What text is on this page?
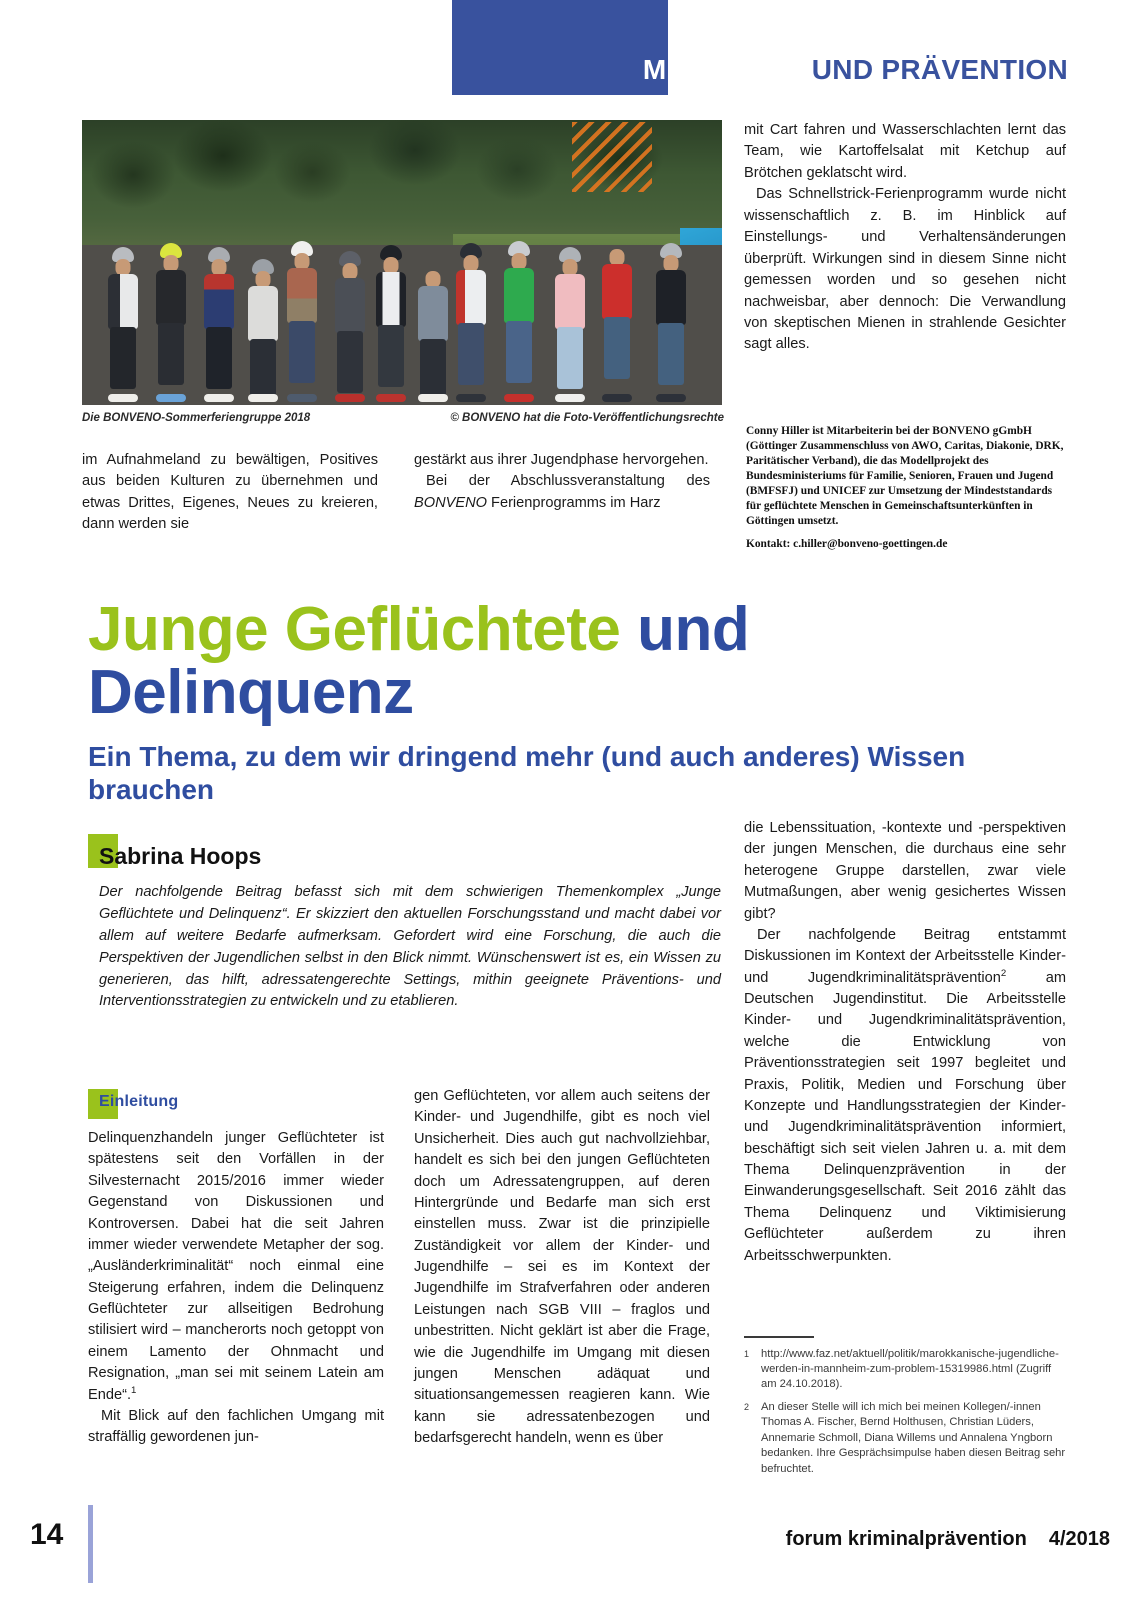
MIGRATION UND PRÄVENTION
Die BONVENO-Sommerferiengruppe 2018	© BONVENO hat die Foto-Veröffentlichungsrechte

mit Cart fahren und Wasserschlachten lernt das Team, wie Kartoffelsalat mit Ketchup auf Brötchen geklatscht wird.

Das Schnellstrick-Ferienprogramm wurde nicht wissenschaftlich z. B. im Hinblick auf Einstellungs- und Verhaltensänderungen überprüft. Wirkungen sind in diesem Sinne nicht gemessen worden und so gesehen nicht nachweisbar, aber dennoch: Die Verwandlung von skeptischen Mienen in strahlende Gesichter sagt alles.

im Aufnahmeland zu bewältigen, Positives aus beiden Kulturen zu übernehmen und etwas Drittes, Eigenes, Neues zu kreieren, dann werden sie

gestärkt aus ihrer Jugendphase hervorgehen.

Bei der Abschlussveranstaltung des BONVENO Ferienprogramms im Harz

Conny Hiller ist Mitarbeiterin bei der BONVENO gGmbH (Göttinger Zusammenschluss von AWO, Caritas, Diakonie, DRK, Paritätischer Verband), die das Modellprojekt des Bundesministeriums für Familie, Senioren, Frauen und Jugend (BMFSFJ) und UNICEF zur Umsetzung der Mindeststandards für geflüchtete Menschen in Gemeinschaftsunterkünften in Göttingen umsetzt.

Kontakt: c.hiller@bonveno-goettingen.de

Junge Geflüchtete und
Delinquenz
Ein Thema, zu dem wir dringend mehr (und auch anderes) Wissen brauchen
Sabrina Hoops

Der nachfolgende Beitrag befasst sich mit dem schwierigen Themenkomplex „Junge Geflüchtete und Delinquenz“. Er skizziert den aktuellen Forschungsstand und macht dabei vor allem auf weitere Bedarfe aufmerksam. Gefordert wird eine Forschung, die auch die Perspektiven der Jugendlichen selbst in den Blick nimmt. Wünschenswert ist es, ein Wissen zu generieren, das hilft, adressatengerechte Settings, mithin geeignete Präventions- und Interventionsstrategien zu entwickeln und zu etablieren.

Einleitung

Delinquenzhandeln junger Geflüchteter ist spätestens seit den Vorfällen in der Silvesternacht 2015/2016 immer wieder Gegenstand von Diskussionen und Kontroversen. Dabei hat die seit Jahren immer wieder verwendete Metapher der sog. „Ausländerkriminalität“ noch einmal eine Steigerung erfahren, indem die Delinquenz Geflüchteter zur allseitigen Bedrohung stilisiert wird – mancherorts noch getoppt von einem Lamento der Ohnmacht und Resignation, „man sei mit seinem Latein am Ende“.$^1$

Mit Blick auf den fachlichen Umgang mit straffällig gewordenen jun-

gen Geflüchteten, vor allem auch seitens der Kinder- und Jugendhilfe, gibt es noch viel Unsicherheit. Dies auch gut nachvollziehbar, handelt es sich bei den jungen Geflüchteten doch um Adressatengruppen, auf deren Hintergründe und Bedarfe man sich erst einstellen muss. Zwar ist die prinzipielle Zuständigkeit vor allem der Kinder- und Jugendhilfe – sei es im Kontext der Jugendhilfe im Strafverfahren oder anderen Leistungen nach SGB VIII – fraglos und unbestritten. Nicht geklärt ist aber die Frage, wie die Jugendhilfe im Umgang mit diesen jungen Menschen adäquat und situationsangemessen reagieren kann. Wie kann sie adressatenbezogen und bedarfsgerecht handeln, wenn es über

die Lebenssituation, -kontexte und -perspektiven der jungen Menschen, die durchaus eine sehr heterogene Gruppe darstellen, zwar viele Mutmaßungen, aber wenig gesichertes Wissen gibt?

Der nachfolgende Beitrag entstammt Diskussionen im Kontext der Arbeitsstelle Kinder- und Jugendkriminalitätsprävention$^2$ am Deutschen Jugendinstitut. Die Arbeitsstelle Kinder- und Jugendkriminalitätsprävention, welche die Entwicklung von Präventionsstrategien seit 1997 begleitet und Praxis, Politik, Medien und Forschung über Konzepte und Handlungsstrategien der Kinder- und Jugendkriminalitätsprävention informiert, beschäftigt sich seit vielen Jahren u. a. mit dem Thema Delinquenzprävention in der Einwanderungsgesellschaft. Seit 2016 zählt das Thema Delinquenz und Viktimisierung Geflüchteter außerdem zu ihren Arbeitsschwerpunkten.

1	http://www.faz.net/aktuell/politik/marokkanische-jugendliche-werden-in-mannheim-zum-problem-15319986.html (Zugriff am 24.10.2018).
2	An dieser Stelle will ich mich bei meinen Kollegen/-innen Thomas A. Fischer, Bernd Holthusen, Christian Lüders, Annemarie Schmoll, Diana Willems und Annalena Yngborn bedanken. Ihre Gesprächsimpulse haben diesen Beitrag sehr befruchtet.
14	forum kriminalprävention 4/2018
